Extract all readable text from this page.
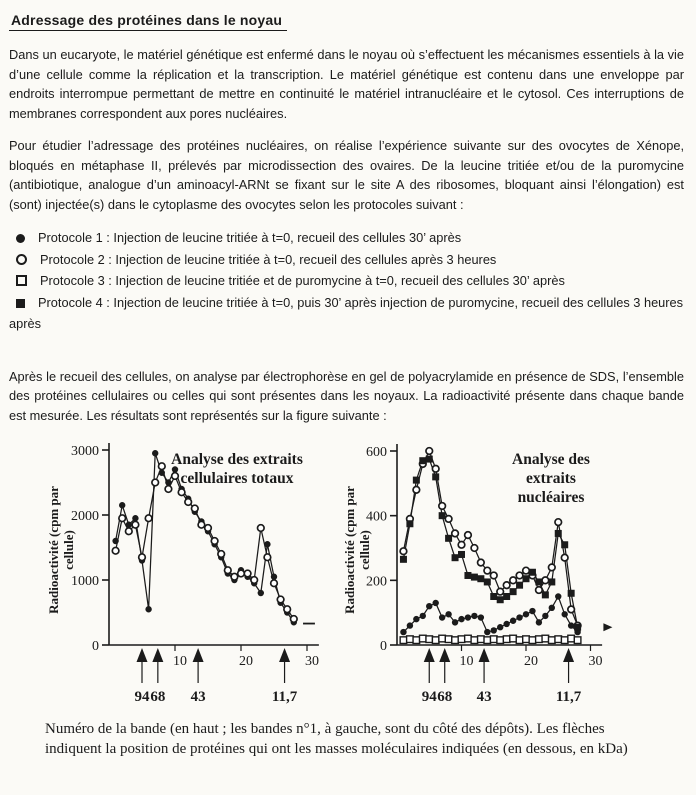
Adressage des protéines dans le noyau

Dans un eucaryote, le matériel génétique est enfermé dans le noyau où s’effectuent les mécanismes essentiels à la vie d’une cellule comme la réplication et la transcription. Le matériel génétique est contenu dans une enveloppe par endroits interrompue permettant de mettre en continuité le matériel intranucléaire et le cytosol. Ces interruptions de membranes correspondent aux pores nucléaires.

Pour étudier l’adressage des protéines nucléaires, on réalise l’expérience suivante sur des ovocytes de Xénope, bloqués en métaphase II, prélevés par microdissection des ovaires. De la leucine tritiée et/ou de la puromycine (antibiotique, analogue d’un aminoacyl-ARNt se fixant sur le site A des ribosomes, bloquant ainsi l’élongation) est (sont) injectée(s) dans le cytoplasme des ovocytes selon les protocoles suivant :

Protocole 1 : Injection de leucine tritiée à t=0, recueil des cellules 30’ après
Protocole 2 : Injection de leucine tritiée à t=0, recueil des cellules après 3 heures
Protocole 3 : Injection de leucine tritiée et de puromycine à t=0, recueil des cellules 30’ après
Protocole 4 : Injection de leucine tritiée à t=0, puis 30’ après injection de puromycine, recueil des cellules 3 heures après

Après le recueil des cellules, on analyse par électrophorèse en gel de polyacrylamide en présence de SDS, l’ensemble des protéines cellulaires ou celles qui sont présentes dans les noyaux. La radioactivité présente dans chaque bande est mesurée. Les résultats sont représentés sur la figure suivante :

0
1000
2000
3000
10	20	30
Analyse des extraits cellulaires totaux
Radioactivité (cpm parcellule)
94 68 43	11,7
0
200
400
600
10	20	30
Analyse des extraits nucléaires
Radioactivité (cpm parcellule)
94 68 43	11,7

Numéro de la bande (en haut ; les bandes n°1, à gauche, sont du côté des dépôts). Les flèches indiquent la position de protéines qui ont les masses moléculaires indiquées (en dessous, en kDa)
